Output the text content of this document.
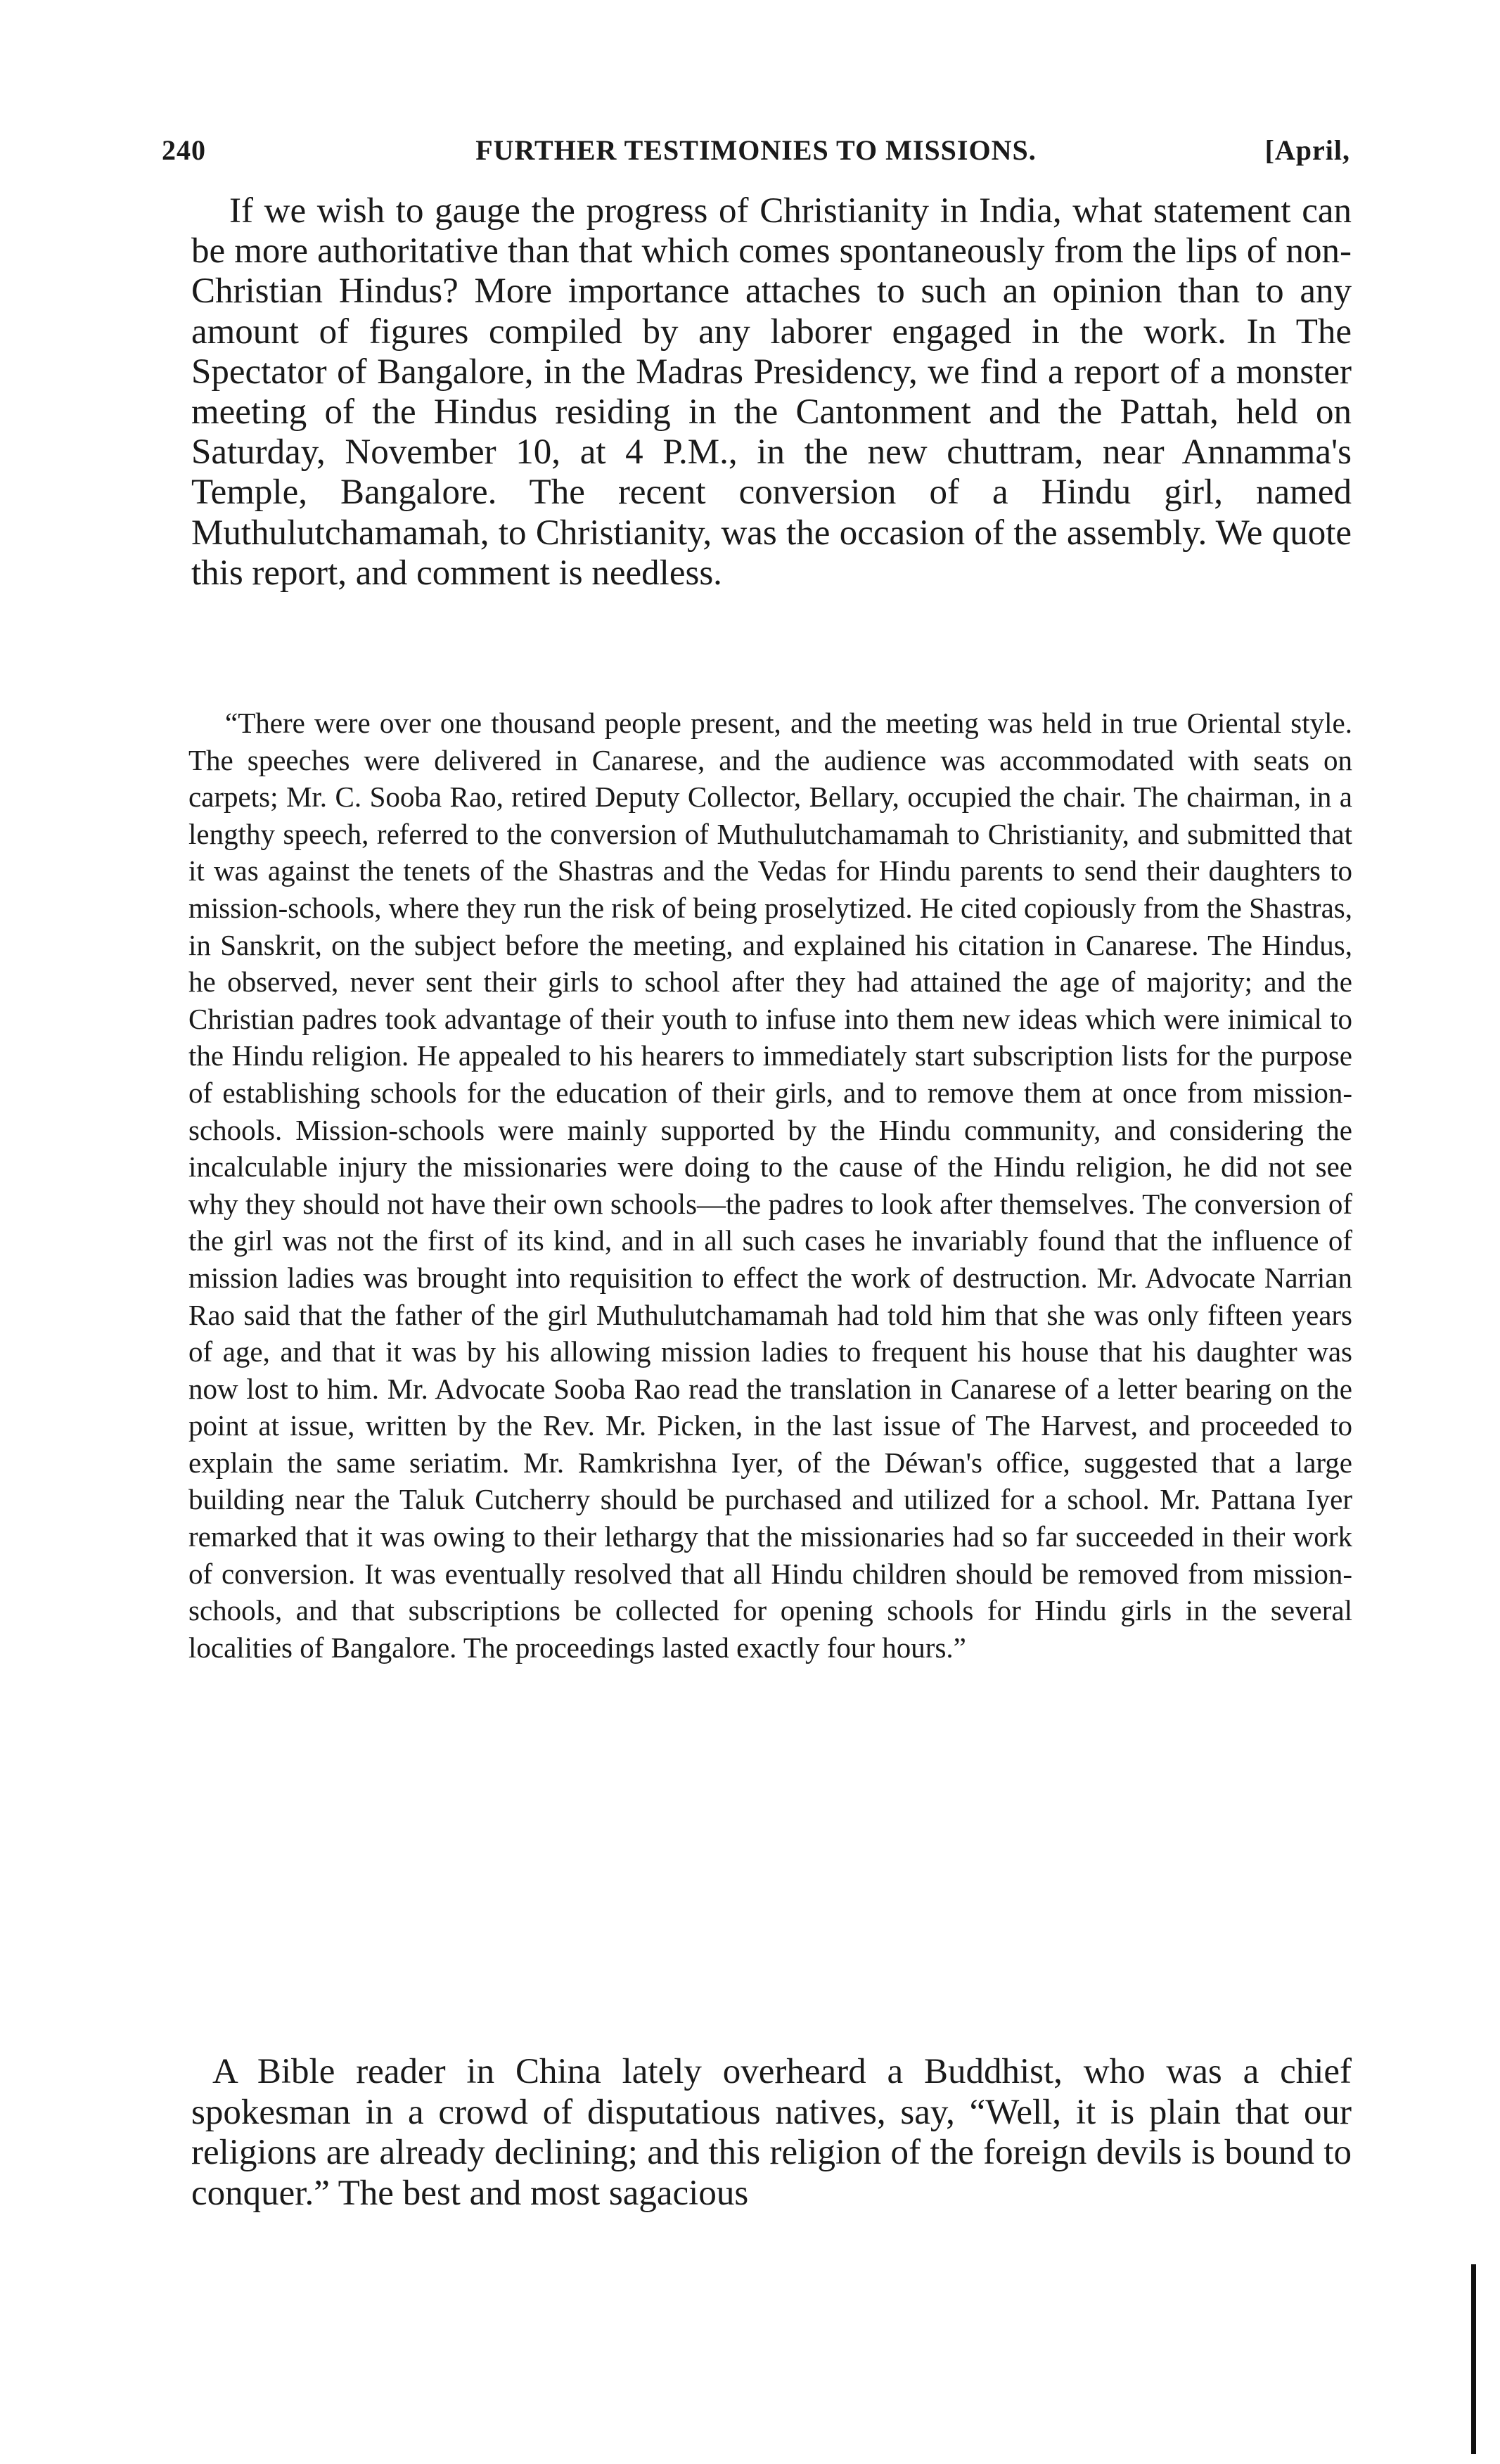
240	FURTHER TESTIMONIES TO MISSIONS.	[April,

If we wish to gauge the progress of Christianity in India, what statement can be more authoritative than that which comes spontaneously from the lips of non-Christian Hindus? More importance attaches to such an opinion than to any amount of figures compiled by any laborer engaged in the work. In The Spectator of Bangalore, in the Madras Presidency, we find a report of a monster meeting of the Hindus residing in the Cantonment and the Pattah, held on Saturday, November 10, at 4 P.M., in the new chuttram, near Annamma's Temple, Bangalore. The recent conversion of a Hindu girl, named Muthulutchamamah, to Christianity, was the occasion of the assembly. We quote this report, and comment is needless.

“There were over one thousand people present, and the meeting was held in true Oriental style. The speeches were delivered in Canarese, and the audience was accommodated with seats on carpets; Mr. C. Sooba Rao, retired Deputy Collector, Bellary, occupied the chair. The chairman, in a lengthy speech, referred to the conversion of Muthulutchamamah to Christianity, and submitted that it was against the tenets of the Shastras and the Vedas for Hindu parents to send their daughters to mission-schools, where they run the risk of being proselytized. He cited copiously from the Shastras, in Sanskrit, on the subject before the meeting, and explained his citation in Canarese. The Hindus, he observed, never sent their girls to school after they had attained the age of majority; and the Christian padres took advantage of their youth to infuse into them new ideas which were inimical to the Hindu religion. He appealed to his hearers to immediately start subscription lists for the purpose of establishing schools for the education of their girls, and to remove them at once from mission-schools. Mission-schools were mainly supported by the Hindu community, and considering the incalculable injury the missionaries were doing to the cause of the Hindu religion, he did not see why they should not have their own schools—the padres to look after themselves. The conversion of the girl was not the first of its kind, and in all such cases he invariably found that the influence of mission ladies was brought into requisition to effect the work of destruction. Mr. Advocate Narrian Rao said that the father of the girl Muthulutchamamah had told him that she was only fifteen years of age, and that it was by his allowing mission ladies to frequent his house that his daughter was now lost to him. Mr. Advocate Sooba Rao read the translation in Canarese of a letter bearing on the point at issue, written by the Rev. Mr. Picken, in the last issue of The Harvest, and proceeded to explain the same seriatim. Mr. Ramkrishna Iyer, of the Déwan's office, suggested that a large building near the Taluk Cutcherry should be purchased and utilized for a school. Mr. Pattana Iyer remarked that it was owing to their lethargy that the missionaries had so far succeeded in their work of conversion. It was eventually resolved that all Hindu children should be removed from mission-schools, and that subscriptions be collected for opening schools for Hindu girls in the several localities of Bangalore. The proceedings lasted exactly four hours.”

A Bible reader in China lately overheard a Buddhist, who was a chief spokesman in a crowd of disputatious natives, say, “Well, it is plain that our religions are already declining; and this religion of the foreign devils is bound to conquer.” The best and most sagacious
